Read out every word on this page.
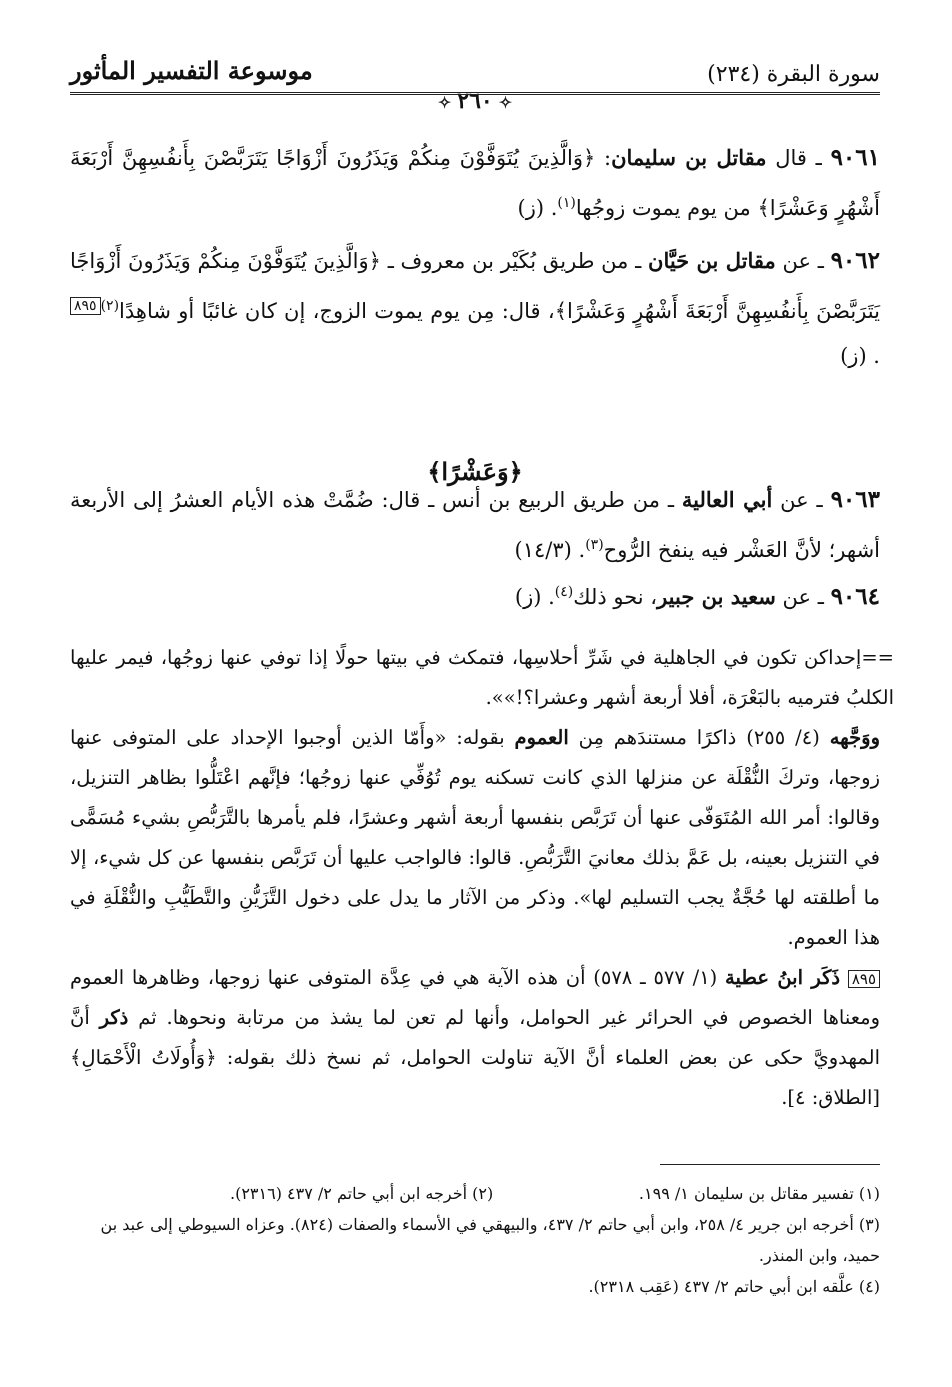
سورة البقرة (٢٣٤)
✧٢٦٠✧
موسوعة التفسير المأثور
٩٠٦١ ـ قال مقاتل بن سليمان: ﴿وَالَّذِينَ يُتَوَفَّوْنَ مِنكُمْ وَيَذَرُونَ أَزْوَاجًا يَتَرَبَّصْنَ بِأَنفُسِهِنَّ أَرْبَعَةَ أَشْهُرٍ وَعَشْرًا﴾ من يوم يموت زوجُها$^{(١)}$. (ز)
٩٠٦٢ ـ عن مقاتل بن حَيَّان ـ من طريق بُكَيْر بن معروف ـ ﴿وَالَّذِينَ يُتَوَفَّوْنَ مِنكُمْ وَيَذَرُونَ أَزْوَاجًا يَتَرَبَّصْنَ بِأَنفُسِهِنَّ أَرْبَعَةَ أَشْهُرٍ وَعَشْرًا﴾، قال: مِن يوم يموت الزوج، إن كان غائبًا أو شاهِدًا$^{(٢)}$٨٩٥. (ز)
﴿وَعَشْرًا﴾
٩٠٦٣ ـ عن أبي العالية ـ من طريق الربيع بن أنس ـ قال: ضُمَّتْ هذه الأيام العشرُ إلى الأربعة أشهر؛ لأنَّ العَشْر فيه ينفخ الرُّوح$^{(٣)}$. (١٤/٣)
٩٠٦٤ ـ عن سعيد بن جبير، نحو ذلك$^{(٤)}$. (ز)

==إحداكن تكون في الجاهلية في شَرِّ أحلاسِها، فتمكث في بيتها حولًا إذا توفي عنها زوجُها، فيمر عليها الكلبُ فترميه بالبَعْرَة، أفلا أربعة أشهر وعشرا؟!»».

ووَجَّهه (٤/ ٢٥٥) ذاكرًا مستندَهم مِن العموم بقوله: «وأَمّا الذين أوجبوا الإحداد على المتوفى عنها زوجها، وتركَ النُّقْلَة عن منزلها الذي كانت تسكنه يوم تُوُفِّي عنها زوجُها؛ فإنَّهم اعْتَلُّوا بظاهر التنزيل، وقالوا: أمر الله المُتَوَفّى عنها أن تَرَبَّص بنفسها أربعة أشهر وعشرًا، فلم يأمرها بالتَّرَبُّصِ بشيء مُسَمًّى في التنزيل بعينه، بل عَمَّ بذلك معانيَ التَّرَبُّصِ. قالوا: فالواجب عليها أن تَرَبَّص بنفسها عن كل شيء، إلا ما أطلقته لها حُجَّةٌ يجب التسليم لها». وذكر من الآثار ما يدل على دخول التَّزَيُّنِ والتَّطَيُّبِ والنُّقْلَةِ في هذا العموم.

٨٩٥ ذَكَر ابنُ عطية (١/ ٥٧٧ ـ ٥٧٨) أن هذه الآية هي في عِدَّة المتوفى عنها زوجها، وظاهرها العموم ومعناها الخصوص في الحرائر غير الحوامل، وأنها لم تعن لما يشذ من مرتابة ونحوها. ثم ذكر أنَّ المهدويَّ حكى عن بعض العلماء أنَّ الآية تناولت الحوامل، ثم نسخ ذلك بقوله: ﴿وَأُولَاتُ الْأَحْمَالِ﴾ [الطلاق: ٤].

(١) تفسير مقاتل بن سليمان ١/ ١٩٩.
(٢) أخرجه ابن أبي حاتم ٢/ ٤٣٧ (٢٣١٦).

(٣) أخرجه ابن جرير ٤/ ٢٥٨، وابن أبي حاتم ٢/ ٤٣٧، والبيهقي في الأسماء والصفات (٨٢٤). وعزاه السيوطي إلى عبد بن حميد، وابن المنذر.

(٤) علَّقه ابن أبي حاتم ٢/ ٤٣٧ (عَقِب ٢٣١٨).
